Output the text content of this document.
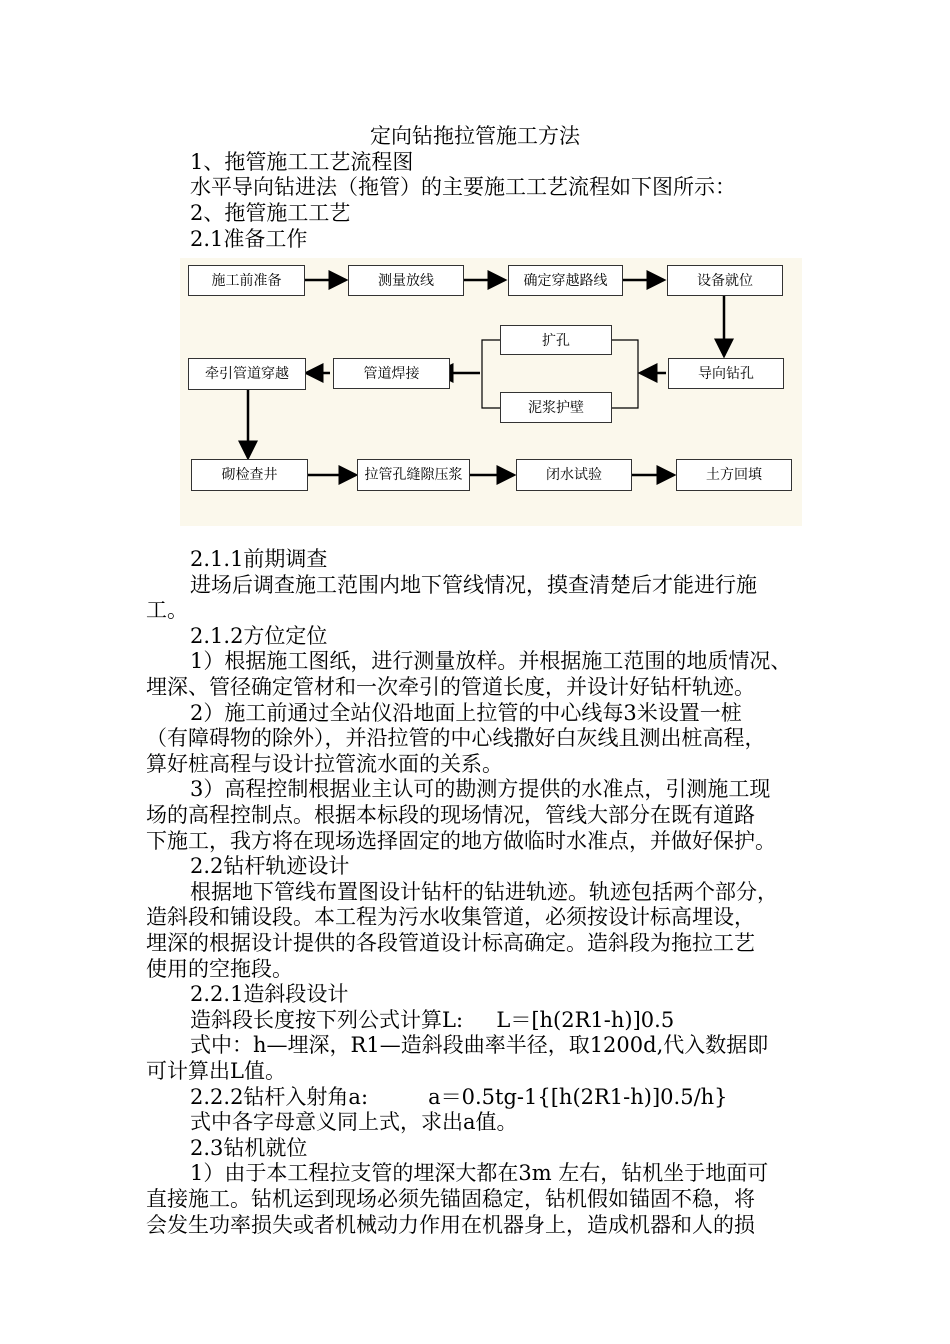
定向钻拖拉管施工方法
1、拖管施工工艺流程图
水平导向钻进法（拖管）的主要施工工艺流程如下图所示：
2、拖管施工工艺
2.1准备工作
施工前准备	测量放线	确定穿越路线	设备就位
扩孔
牵引管道穿越	管道焊接	导向钻孔
泥浆护壁
砌检查井	拉管孔缝隙压浆	闭水试验	土方回填
2.1.1前期调查
进场后调查施工范围内地下管线情况，摸查清楚后才能进行施
工。
2.1.2方位定位
1）根据施工图纸，进行测量放样。并根据施工范围的地质情况、
埋深、管径确定管材和一次牵引的管道长度，并设计好钻杆轨迹。
2）施工前通过全站仪沿地面上拉管的中心线每3米设置一桩
（有障碍物的除外），并沿拉管的中心线撒好白灰线且测出桩高程，
算好桩高程与设计拉管流水面的关系。
3）高程控制根据业主认可的勘测方提供的水准点，引测施工现
场的高程控制点。根据本标段的现场情况，管线大部分在既有道路
下施工，我方将在现场选择固定的地方做临时水准点，并做好保护。
2.2钻杆轨迹设计
根据地下管线布置图设计钻杆的钻进轨迹。轨迹包括两个部分，
造斜段和铺设段。本工程为污水收集管道，必须按设计标高埋设，
埋深的根据设计提供的各段管道设计标高确定。造斜段为拖拉工艺
使用的空拖段。
2.2.1造斜段设计
造斜段长度按下列公式计算L:     L＝[h(2R1-h)]0.5
式中：h—埋深，R1—造斜段曲率半径，取1200d,代入数据即
可计算出L值。
2.2.2钻杆入射角a:         a＝0.5tg-1{[h(2R1-h)]0.5/h}
式中各字母意义同上式，求出a值。
2.3钻机就位
1）由于本工程拉支管的埋深大都在3m 左右，钻机坐于地面可
直接施工。钻机运到现场必须先锚固稳定，钻机假如锚固不稳，将
会发生功率损失或者机械动力作用在机器身上，造成机器和人的损
